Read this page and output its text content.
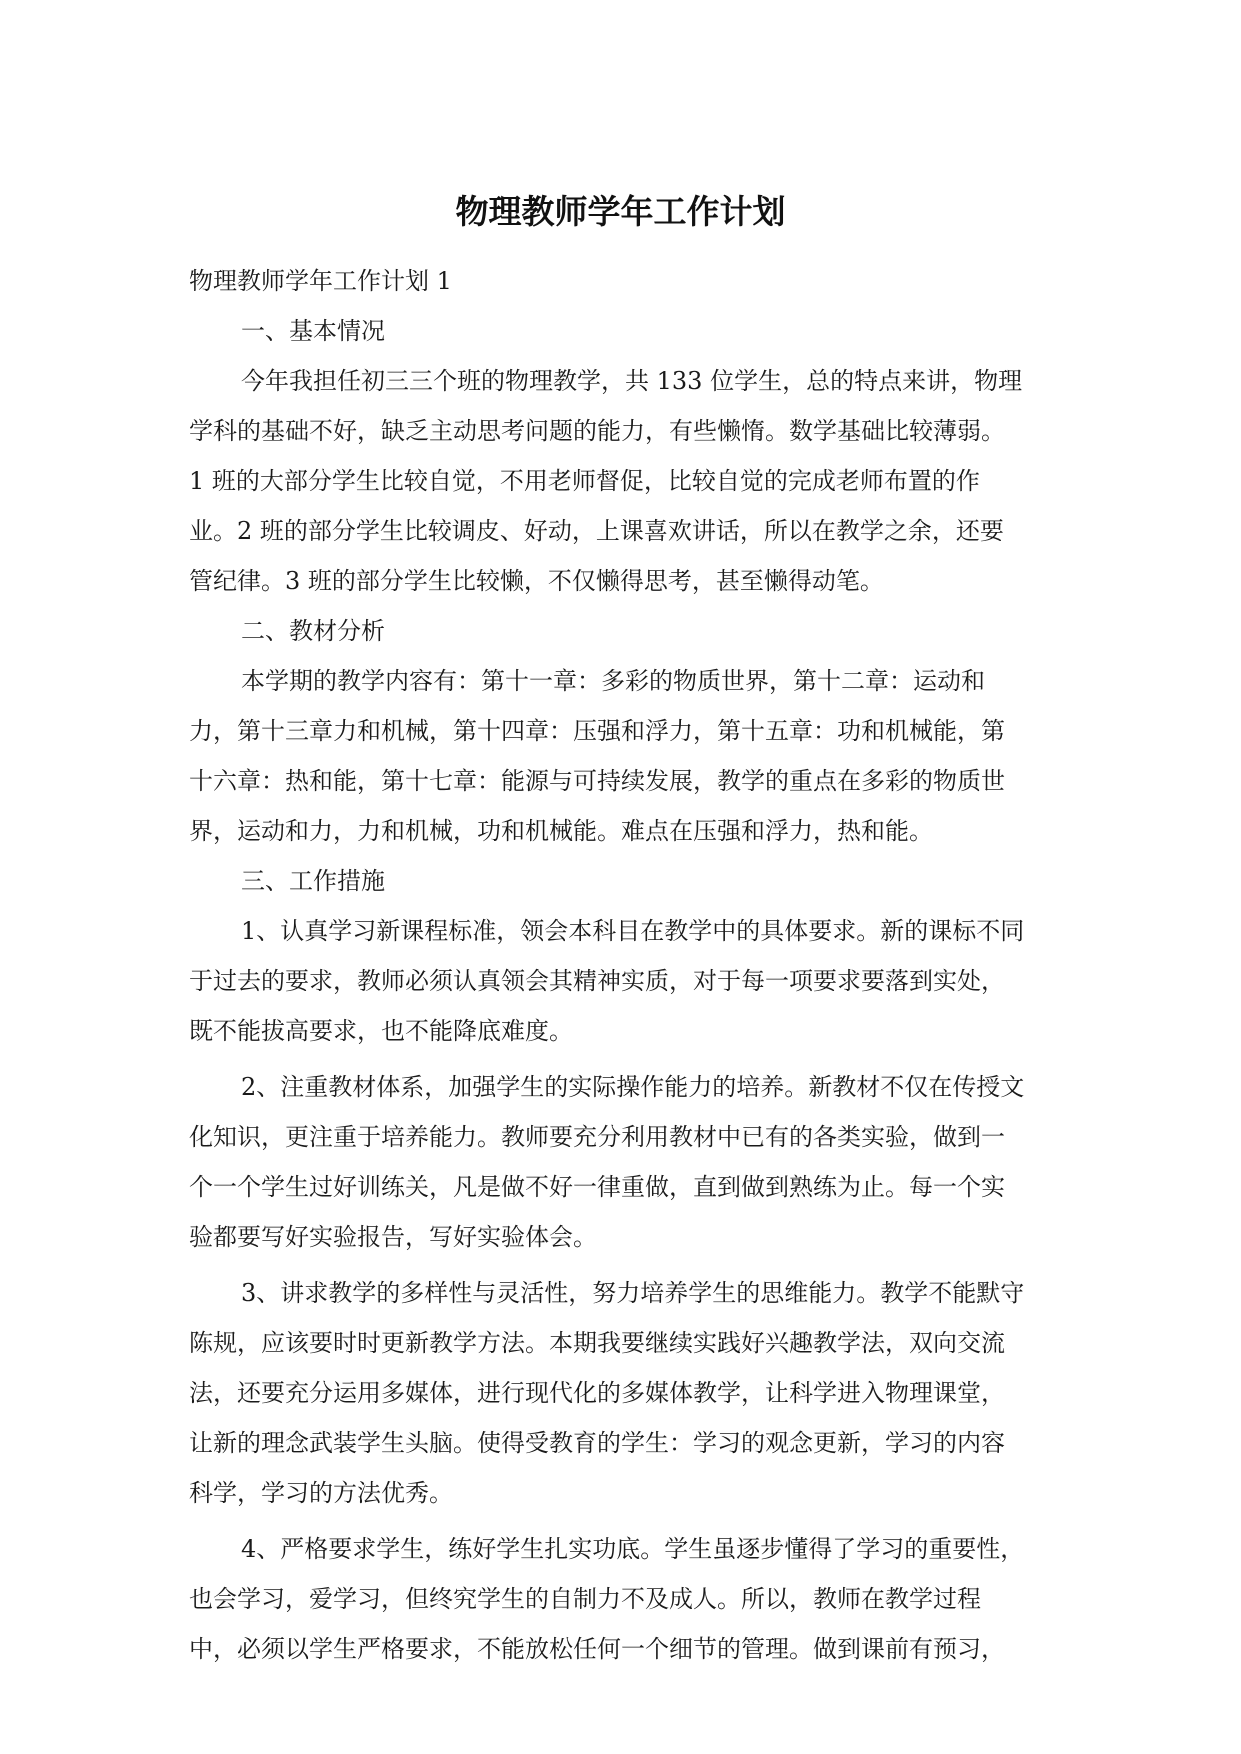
物理教师学年工作计划
物理教师学年工作计划 1
一、基本情况
今年我担任初三三个班的物理教学，共 133 位学生，总的特点来讲，物理
学科的基础不好，缺乏主动思考问题的能力，有些懒惰。数学基础比较薄弱。
1 班的大部分学生比较自觉，不用老师督促，比较自觉的完成老师布置的作
业。2 班的部分学生比较调皮、好动，上课喜欢讲话，所以在教学之余，还要
管纪律。3 班的部分学生比较懒，不仅懒得思考，甚至懒得动笔。
二、教材分析
本学期的教学内容有：第十一章：多彩的物质世界，第十二章：运动和
力，第十三章力和机械，第十四章：压强和浮力，第十五章：功和机械能，第
十六章：热和能，第十七章：能源与可持续发展，教学的重点在多彩的物质世
界，运动和力，力和机械，功和机械能。难点在压强和浮力，热和能。
三、工作措施
1、认真学习新课程标准，领会本科目在教学中的具体要求。新的课标不同
于过去的要求，教师必须认真领会其精神实质，对于每一项要求要落到实处，
既不能拔高要求，也不能降底难度。
2、注重教材体系，加强学生的实际操作能力的培养。新教材不仅在传授文
化知识，更注重于培养能力。教师要充分利用教材中已有的各类实验，做到一
个一个学生过好训练关，凡是做不好一律重做，直到做到熟练为止。每一个实
验都要写好实验报告，写好实验体会。
3、讲求教学的多样性与灵活性，努力培养学生的思维能力。教学不能默守
陈规，应该要时时更新教学方法。本期我要继续实践好兴趣教学法，双向交流
法，还要充分运用多媒体，进行现代化的多媒体教学，让科学进入物理课堂，
让新的理念武装学生头脑。使得受教育的学生：学习的观念更新，学习的内容
科学，学习的方法优秀。
4、严格要求学生，练好学生扎实功底。学生虽逐步懂得了学习的重要性，
也会学习，爱学习，但终究学生的自制力不及成人。所以，教师在教学过程
中，必须以学生严格要求，不能放松任何一个细节的管理。做到课前有预习，
